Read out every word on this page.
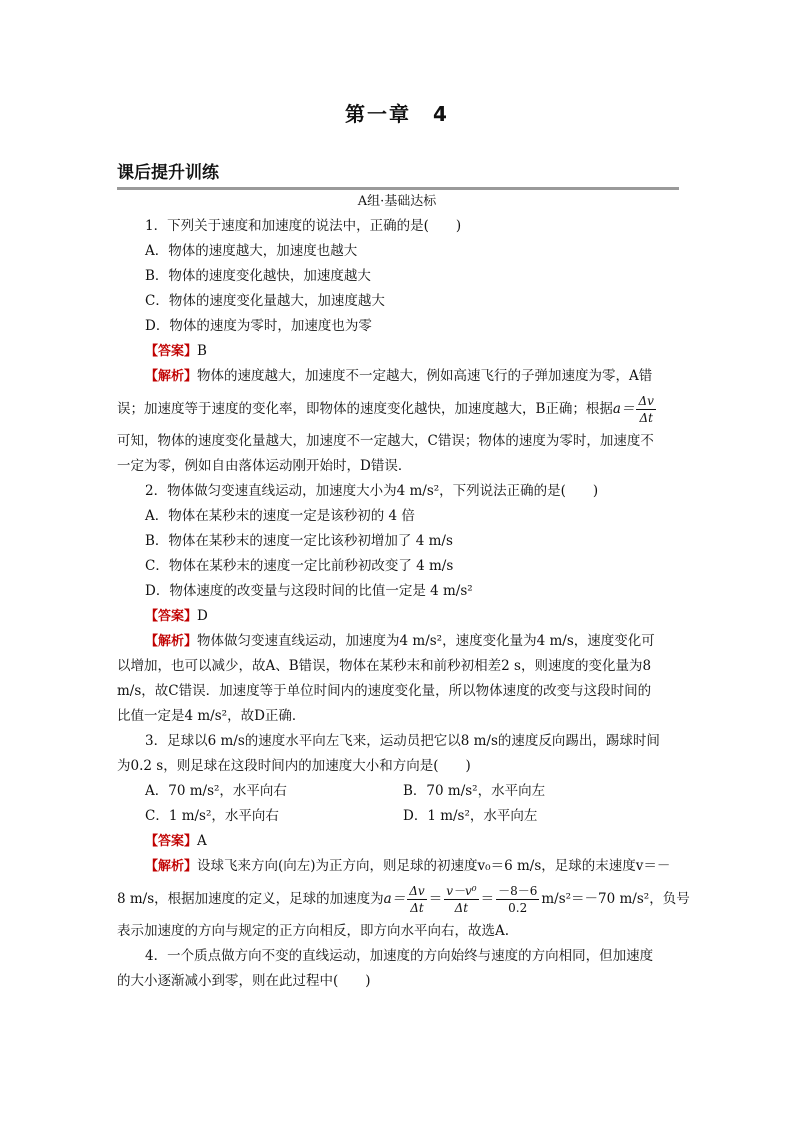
第一章　4
课后提升训练
A组·基础达标
1．下列关于速度和加速度的说法中，正确的是(　　)
A．物体的速度越大，加速度也越大
B．物体的速度变化越快，加速度越大
C．物体的速度变化量越大，加速度越大
D．物体的速度为零时，加速度也为零
【答案】B
【解析】物体的速度越大，加速度不一定越大，例如高速飞行的子弹加速度为零，A错
误；加速度等于速度的变化率，即物体的速度变化越快，加速度越大，B正确；根据 $a= \frac{\Delta v}{\Delta t}$
可知，物体的速度变化量越大，加速度不一定越大，C错误；物体的速度为零时，加速度不
一定为零，例如自由落体运动刚开始时，D错误．
2．物体做匀变速直线运动，加速度大小为4 m/s²，下列说法正确的是(　　)
A．物体在某秒末的速度一定是该秒初的 4 倍
B．物体在某秒末的速度一定比该秒初增加了 4 m/s
C．物体在某秒末的速度一定比前秒初改变了 4 m/s
D．物体速度的改变量与这段时间的比值一定是 4 m/s²
【答案】D
【解析】物体做匀变速直线运动，加速度为4 m/s²，速度变化量为4 m/s，速度变化可
以增加，也可以减少，故A、B错误，物体在某秒末和前秒初相差2 s，则速度的变化量为8
m/s，故C错误．加速度等于单位时间内的速度变化量，所以物体速度的改变与这段时间的
比值一定是4 m/s²，故D正确．
3．足球以6 m/s的速度水平向左飞来，运动员把它以8 m/s的速度反向踢出，踢球时间
为0.2 s，则足球在这段时间内的加速度大小和方向是(　　)
A．70 m/s²，水平向右	B．70 m/s²，水平向左
C．1 m/s²，水平向右	D．1 m/s²，水平向左
【答案】A
【解析】设球飞来方向(向左)为正方向，则足球的初速度v₀＝6 m/s，足球的末速度v＝－
8 m/s，根据加速度的定义，足球的加速度为 $a= \frac{\Delta v}{\Delta t} = \frac{\text{v－v⁰}}{\Delta t} = \frac{-8-6}{0.2} m/s^2=-70$ m/s²，负号
表示加速度的方向与规定的正方向相反，即方向水平向右，故选A.
4．一个质点做方向不变的直线运动，加速度的方向始终与速度的方向相同，但加速度
的大小逐渐减小到零，则在此过程中(　　)
